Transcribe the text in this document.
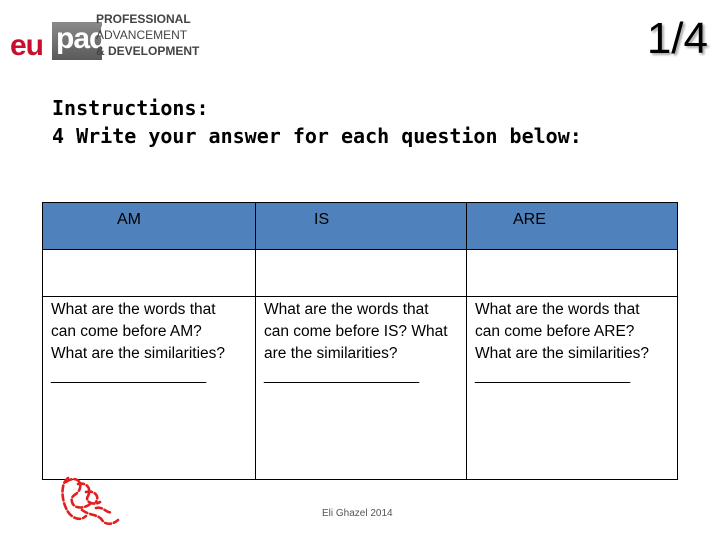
eu pad
PROFESSIONAL
ADVANCEMENT
& DEVELOPMENT	1/4
Instructions:
4 Write your answer for each question below:
AM	IS	ARE

What are the words that
can come before AM?
What are the similarities?
__________________	What are the words that
can come before IS? What
are the similarities?
__________________	What are the words that
can come before ARE?
What are the similarities?
__________________
Eli Ghazel 2014
